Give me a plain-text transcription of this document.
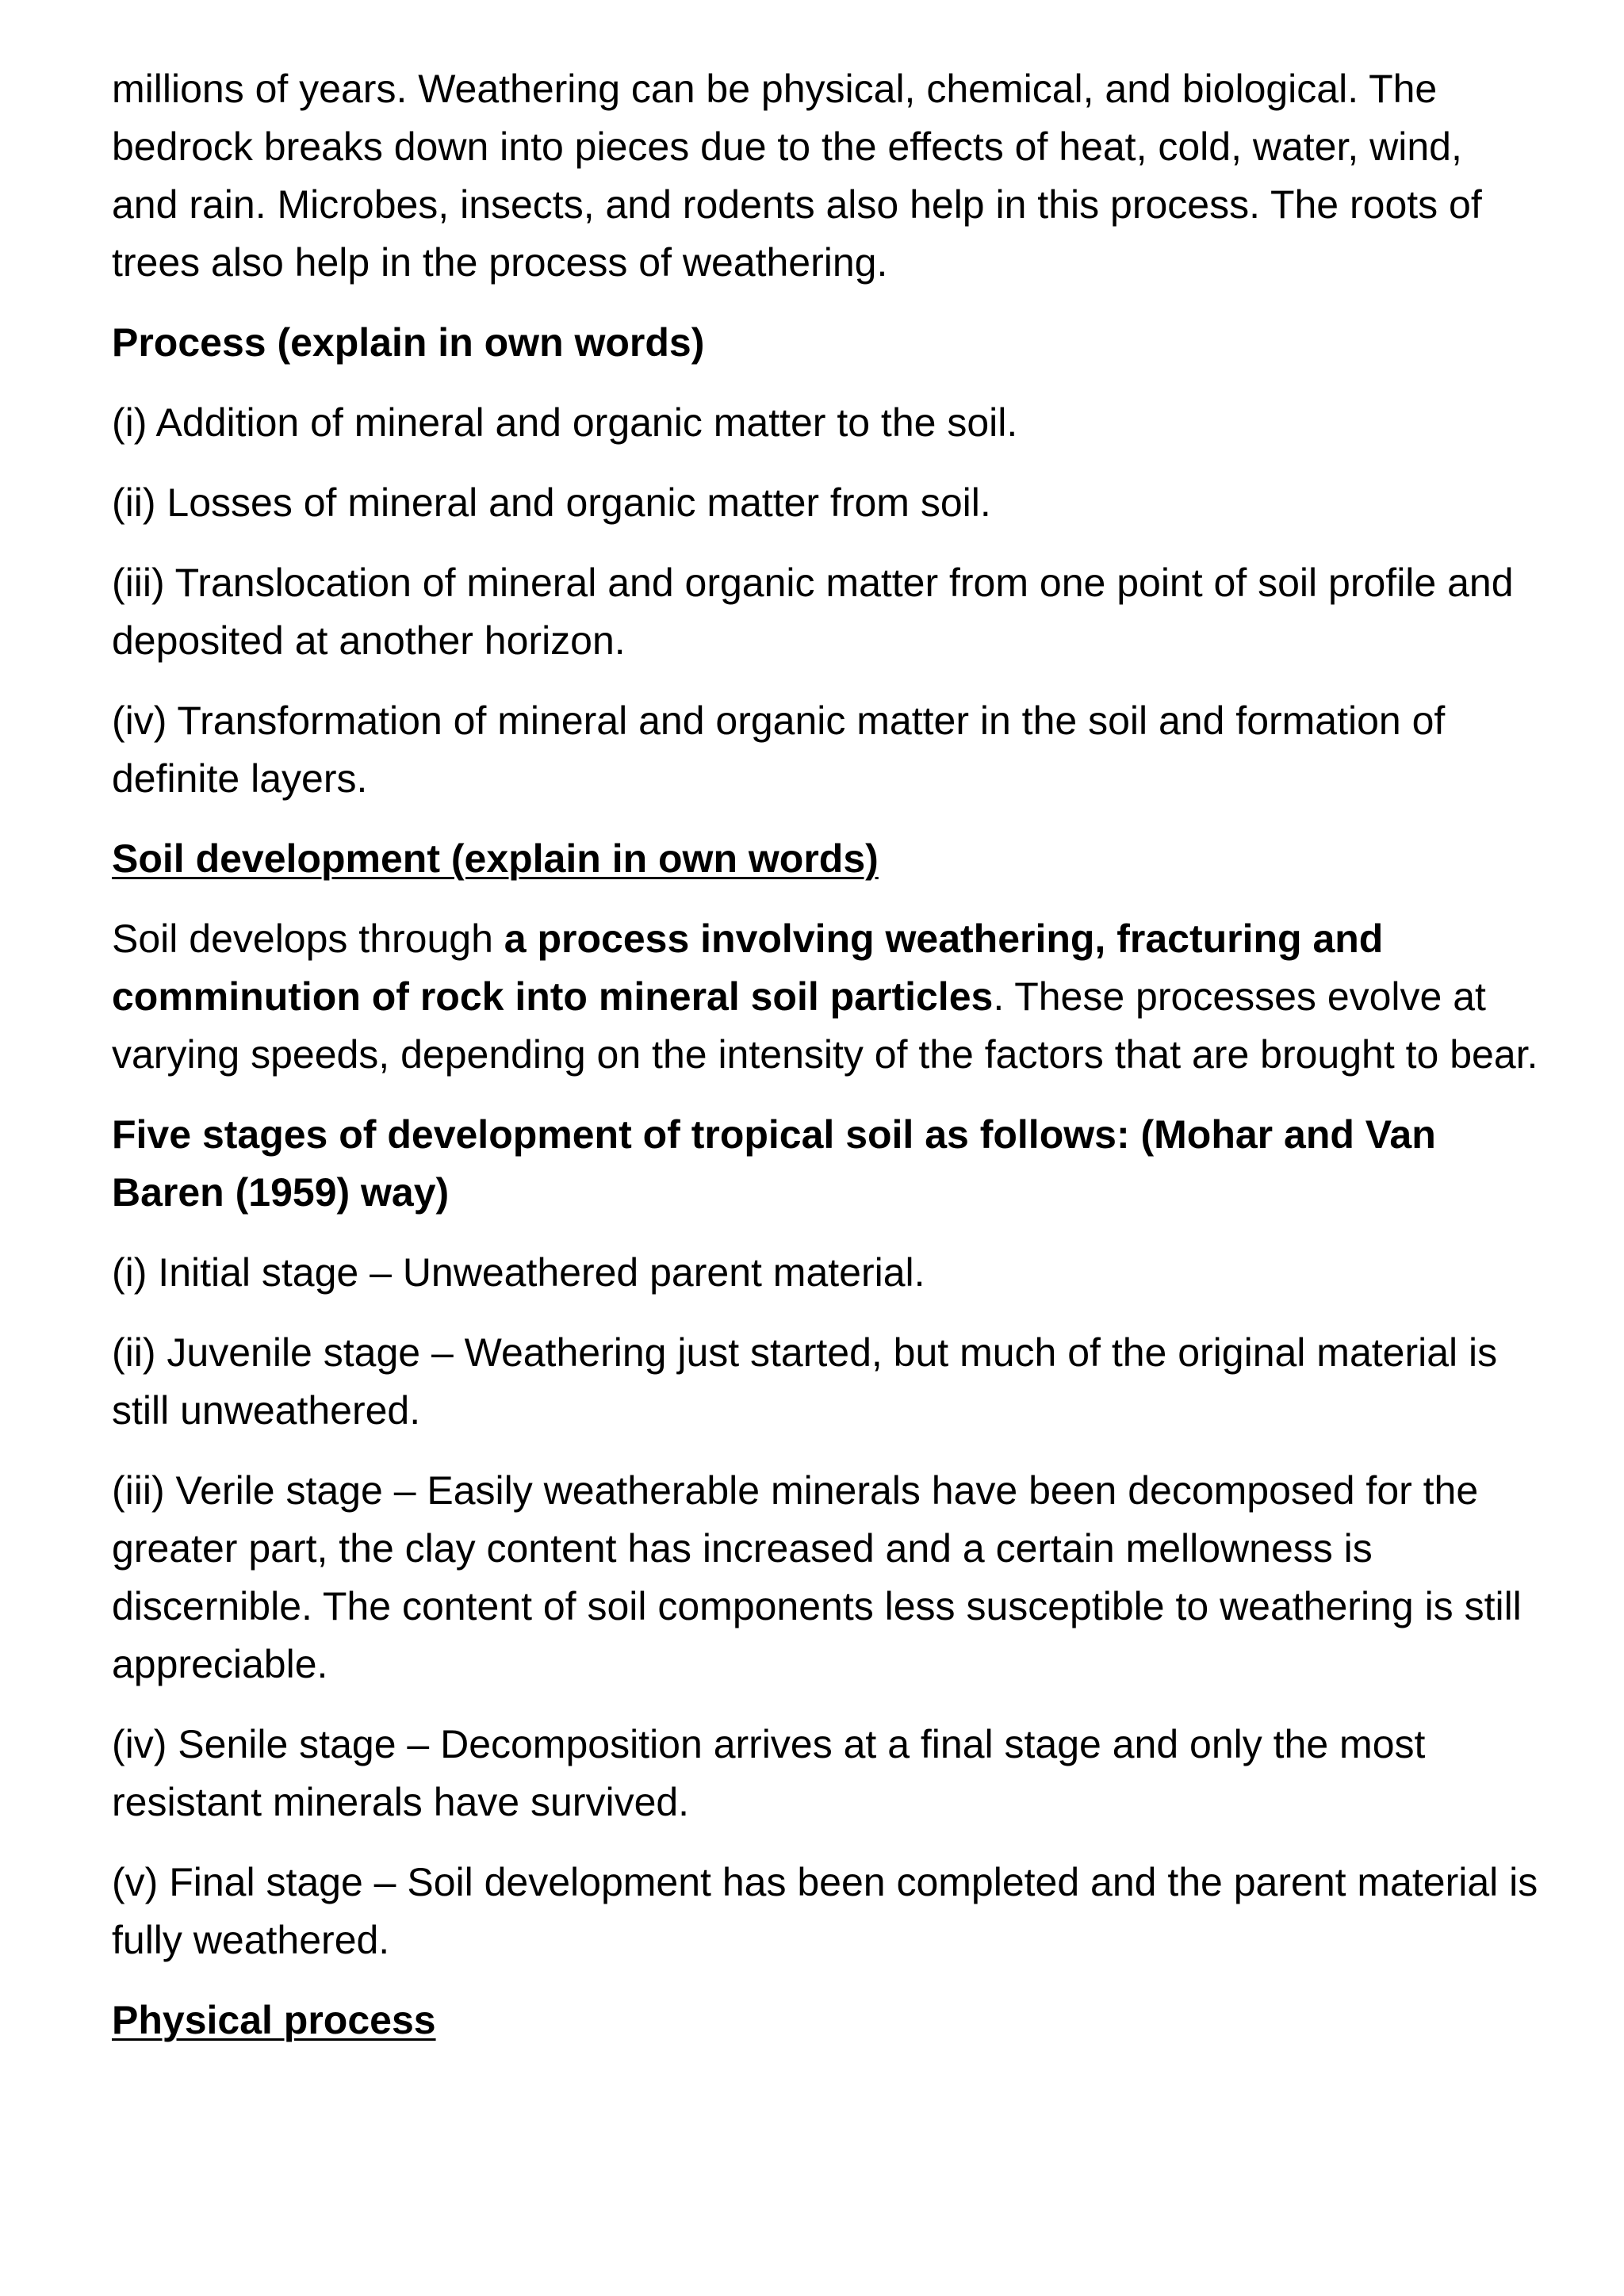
millions of years. Weathering can be physical, chemical, and biological. The bedrock breaks down into pieces due to the effects of heat, cold, water, wind, and rain. Microbes, insects, and rodents also help in this process. The roots of trees also help in the process of weathering.

Process (explain in own words)

(i) Addition of mineral and organic matter to the soil.

(ii) Losses of mineral and organic matter from soil.

(iii) Translocation of mineral and organic matter from one point of soil profile and deposited at another horizon.

(iv) Transformation of mineral and organic matter in the soil and formation of definite layers.

Soil development (explain in own words)

Soil develops through a process involving weathering, fracturing and comminution of rock into mineral soil particles. These processes evolve at varying speeds, depending on the intensity of the factors that are brought to bear.

Five stages of development of tropical soil as follows: (Mohar and Van Baren (1959) way)

(i) Initial stage – Unweathered parent material.

(ii) Juvenile stage – Weathering just started, but much of the original material is still unweathered.

(iii) Verile stage – Easily weatherable minerals have been decomposed for the greater part, the clay content has increased and a certain mellowness is discernible. The content of soil components less susceptible to weathering is still appreciable.

(iv) Senile stage – Decomposition arrives at a final stage and only the most resistant minerals have survived.

(v) Final stage – Soil development has been completed and the parent material is fully weathered.

Physical process
